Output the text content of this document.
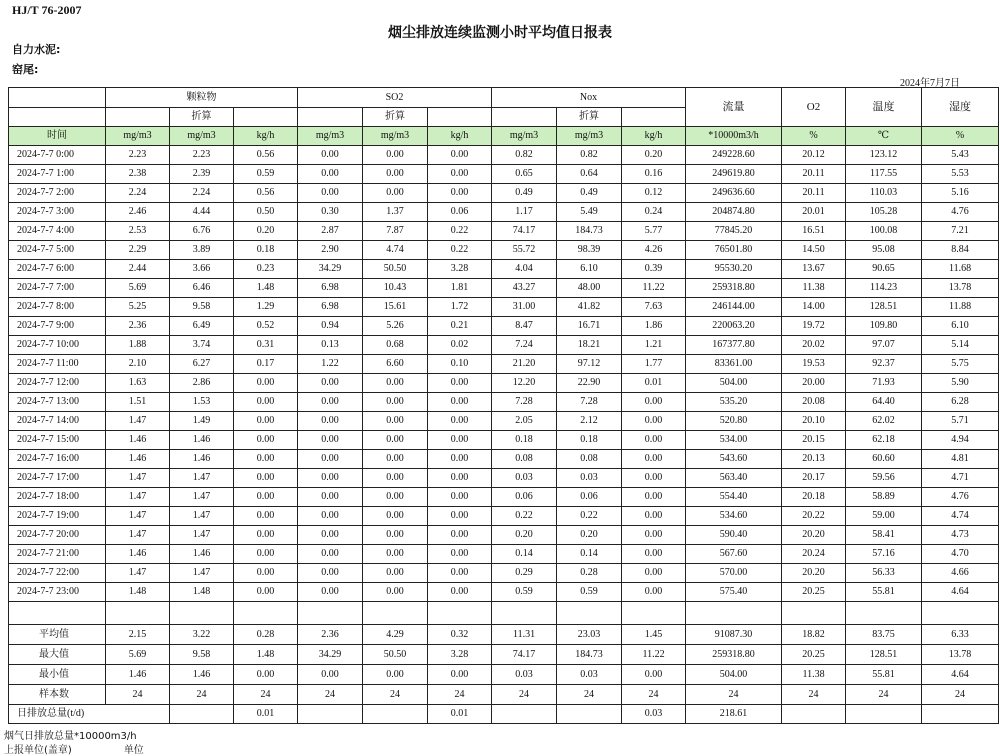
HJ/T 76-2007
烟尘排放连续监测小时平均值日报表
自力水泥:
窑尾:
2024年7月7日
	颗粒物			SO2			Nox			流量	O2	温度	湿度
		折算			折算			折算					
时间	mg/m3	mg/m3	kg/h	mg/m3	mg/m3	kg/h	mg/m3	mg/m3	kg/h	*10000m3/h	%	℃	%
2024-7-7 0:00	2.23	2.23	0.56	0.00	0.00	0.00	0.82	0.82	0.20	249228.60	20.12	123.12	5.43
2024-7-7 1:00	2.38	2.39	0.59	0.00	0.00	0.00	0.65	0.64	0.16	249619.80	20.11	117.55	5.53
2024-7-7 2:00	2.24	2.24	0.56	0.00	0.00	0.00	0.49	0.49	0.12	249636.60	20.11	110.03	5.16
2024-7-7 3:00	2.46	4.44	0.50	0.30	1.37	0.06	1.17	5.49	0.24	204874.80	20.01	105.28	4.76
2024-7-7 4:00	2.53	6.76	0.20	2.87	7.87	0.22	74.17	184.73	5.77	77845.20	16.51	100.08	7.21
2024-7-7 5:00	2.29	3.89	0.18	2.90	4.74	0.22	55.72	98.39	4.26	76501.80	14.50	95.08	8.84
2024-7-7 6:00	2.44	3.66	0.23	34.29	50.50	3.28	4.04	6.10	0.39	95530.20	13.67	90.65	11.68
2024-7-7 7:00	5.69	6.46	1.48	6.98	10.43	1.81	43.27	48.00	11.22	259318.80	11.38	114.23	13.78
2024-7-7 8:00	5.25	9.58	1.29	6.98	15.61	1.72	31.00	41.82	7.63	246144.00	14.00	128.51	11.88
2024-7-7 9:00	2.36	6.49	0.52	0.94	5.26	0.21	8.47	16.71	1.86	220063.20	19.72	109.80	6.10
2024-7-7 10:00	1.88	3.74	0.31	0.13	0.68	0.02	7.24	18.21	1.21	167377.80	20.02	97.07	5.14
2024-7-7 11:00	2.10	6.27	0.17	1.22	6.60	0.10	21.20	97.12	1.77	83361.00	19.53	92.37	5.75
2024-7-7 12:00	1.63	2.86	0.00	0.00	0.00	0.00	12.20	22.90	0.01	504.00	20.00	71.93	5.90
2024-7-7 13:00	1.51	1.53	0.00	0.00	0.00	0.00	7.28	7.28	0.00	535.20	20.08	64.40	6.28
2024-7-7 14:00	1.47	1.49	0.00	0.00	0.00	0.00	2.05	2.12	0.00	520.80	20.10	62.02	5.71
2024-7-7 15:00	1.46	1.46	0.00	0.00	0.00	0.00	0.18	0.18	0.00	534.00	20.15	62.18	4.94
2024-7-7 16:00	1.46	1.46	0.00	0.00	0.00	0.00	0.08	0.08	0.00	543.60	20.13	60.60	4.81
2024-7-7 17:00	1.47	1.47	0.00	0.00	0.00	0.00	0.03	0.03	0.00	563.40	20.17	59.56	4.71
2024-7-7 18:00	1.47	1.47	0.00	0.00	0.00	0.00	0.06	0.06	0.00	554.40	20.18	58.89	4.76
2024-7-7 19:00	1.47	1.47	0.00	0.00	0.00	0.00	0.22	0.22	0.00	534.60	20.22	59.00	4.74
2024-7-7 20:00	1.47	1.47	0.00	0.00	0.00	0.00	0.20	0.20	0.00	590.40	20.20	58.41	4.73
2024-7-7 21:00	1.46	1.46	0.00	0.00	0.00	0.00	0.14	0.14	0.00	567.60	20.24	57.16	4.70
2024-7-7 22:00	1.47	1.47	0.00	0.00	0.00	0.00	0.29	0.28	0.00	570.00	20.20	56.33	4.66
2024-7-7 23:00	1.48	1.48	0.00	0.00	0.00	0.00	0.59	0.59	0.00	575.40	20.25	55.81	4.64

平均值	2.15	3.22	0.28	2.36	4.29	0.32	11.31	23.03	1.45	91087.30	18.82	83.75	6.33
最大值	5.69	9.58	1.48	34.29	50.50	3.28	74.17	184.73	11.22	259318.80	20.25	128.51	13.78
最小值	1.46	1.46	0.00	0.00	0.00	0.00	0.03	0.03	0.00	504.00	11.38	55.81	4.64
样本数	24	24	24	24	24	24	24	24	24	24	24	24	24
日排放总量(t/d)			0.01			0.01			0.03	218.61			
烟气日排放总量*10000m3/h
上报单位(盖章)	单位
